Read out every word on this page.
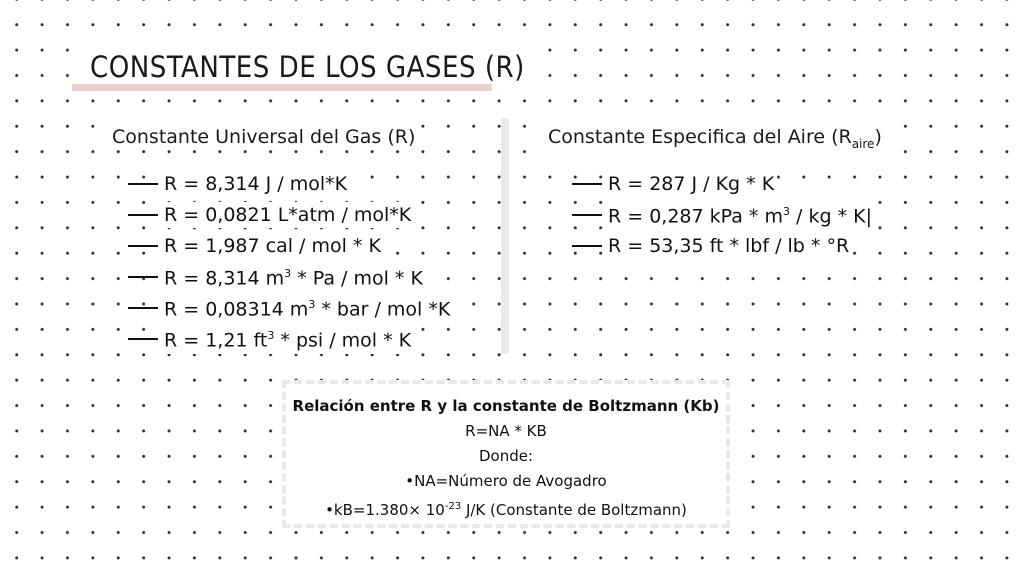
CONSTANTES DE LOS GASES (R)
Constante Universal del Gas (R)	Constante Especifica del Aire $(R_{aire})$
R = 8,314 J / mol*K
R = 0,0821 L*atm / mol*K
R = 1,987 cal / mol * K
R = 8,314 $m^3$ * Pa / mol * K
R = 0,08314 $m^3$ * bar / mol *K
R = 1,21 $ft^3$ * psi / mol * K
R = 287 J / Kg * K
R = 0,287 kPa * $m^3$ / kg * K|
R = 53,35 ft * lbf / lb * °R
Relación entre R y la constante de Boltzmann (Kb)
R=NA * KB
Donde:
•NA=Número de Avogadro
•kB=1.380× $10^{-23}$ J/K (Constante de Boltzmann)
